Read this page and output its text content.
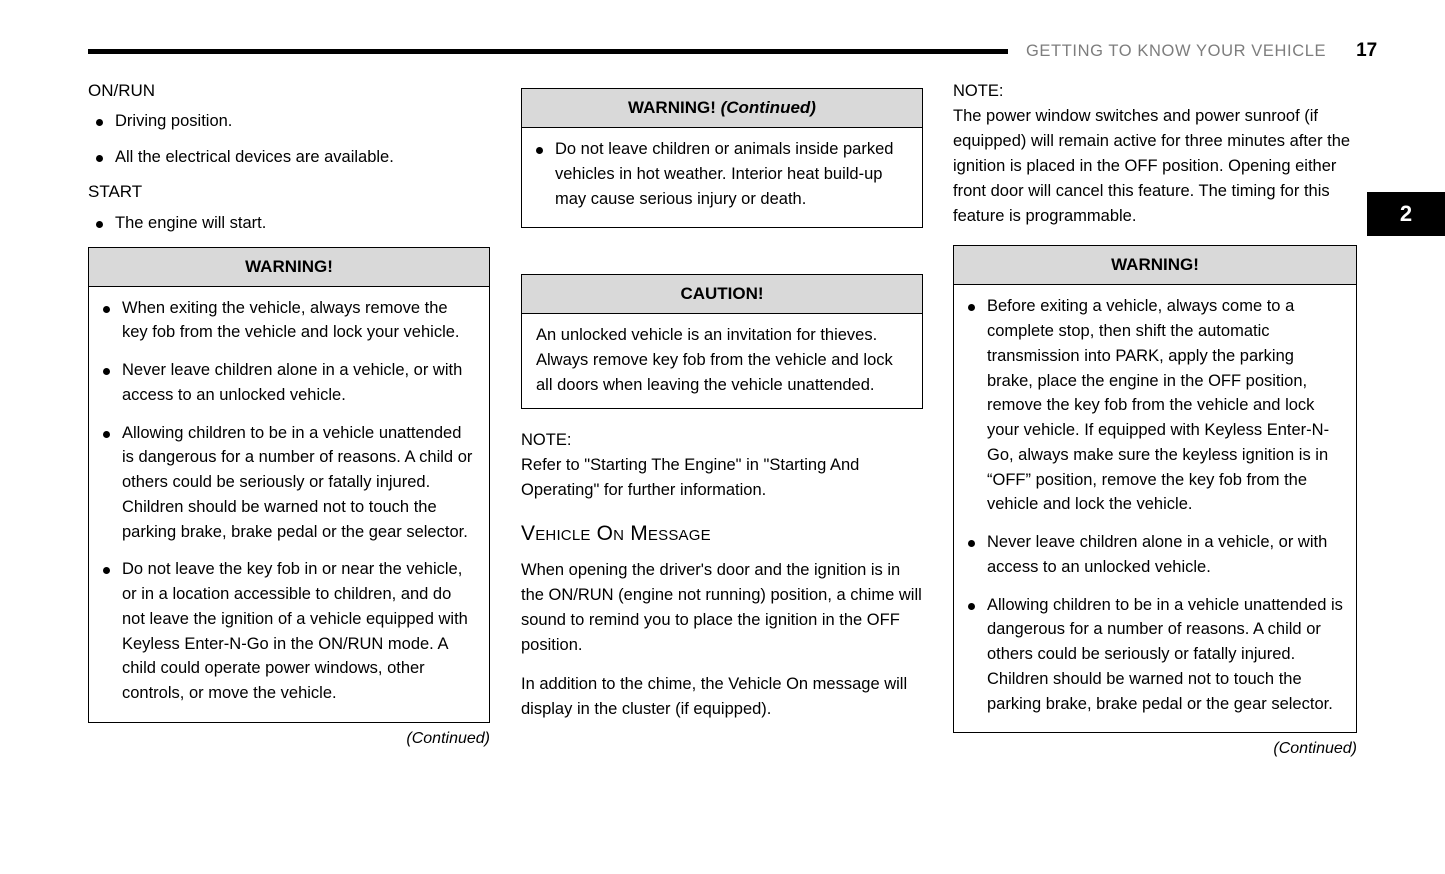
GETTING TO KNOW YOUR VEHICLE 17
2
ON/RUN
Driving position.
All the electrical devices are available.
START
The engine will start.
WARNING!
When exiting the vehicle, always remove the key fob from the vehicle and lock your vehicle.
Never leave children alone in a vehicle, or with access to an unlocked vehicle.
Allowing children to be in a vehicle unattended is dangerous for a number of reasons. A child or others could be seriously or fatally injured. Children should be warned not to touch the parking brake, brake pedal or the gear selector.
Do not leave the key fob in or near the vehicle, or in a location accessible to children, and do not leave the ignition of a vehicle equipped with Keyless Enter-N-Go in the ON/RUN mode. A child could operate power windows, other controls, or move the vehicle.
(Continued)
WARNING! (Continued)
Do not leave children or animals inside parked vehicles in hot weather. Interior heat build-up may cause serious injury or death.
CAUTION!

An unlocked vehicle is an invitation for thieves. Always remove key fob from the vehicle and lock all doors when leaving the vehicle unattended.

NOTE:

Refer to "Starting The Engine" in "Starting And Operating" for further information.

Vehicle On Message

When opening the driver's door and the ignition is in the ON/RUN (engine not running) position, a chime will sound to remind you to place the ignition in the OFF position.

In addition to the chime, the Vehicle On message will display in the cluster (if equipped).

NOTE:

The power window switches and power sunroof (if equipped) will remain active for three minutes after the ignition is placed in the OFF position. Opening either front door will cancel this feature. The timing for this feature is programmable.

WARNING!
Before exiting a vehicle, always come to a complete stop, then shift the automatic transmission into PARK, apply the parking brake, place the engine in the OFF position, remove the key fob from the vehicle and lock your vehicle. If equipped with Keyless Enter-N-Go, always make sure the keyless ignition is in “OFF” position, remove the key fob from the vehicle and lock the vehicle.
Never leave children alone in a vehicle, or with access to an unlocked vehicle.
Allowing children to be in a vehicle unattended is dangerous for a number of reasons. A child or others could be seriously or fatally injured. Children should be warned not to touch the parking brake, brake pedal or the gear selector.
(Continued)
